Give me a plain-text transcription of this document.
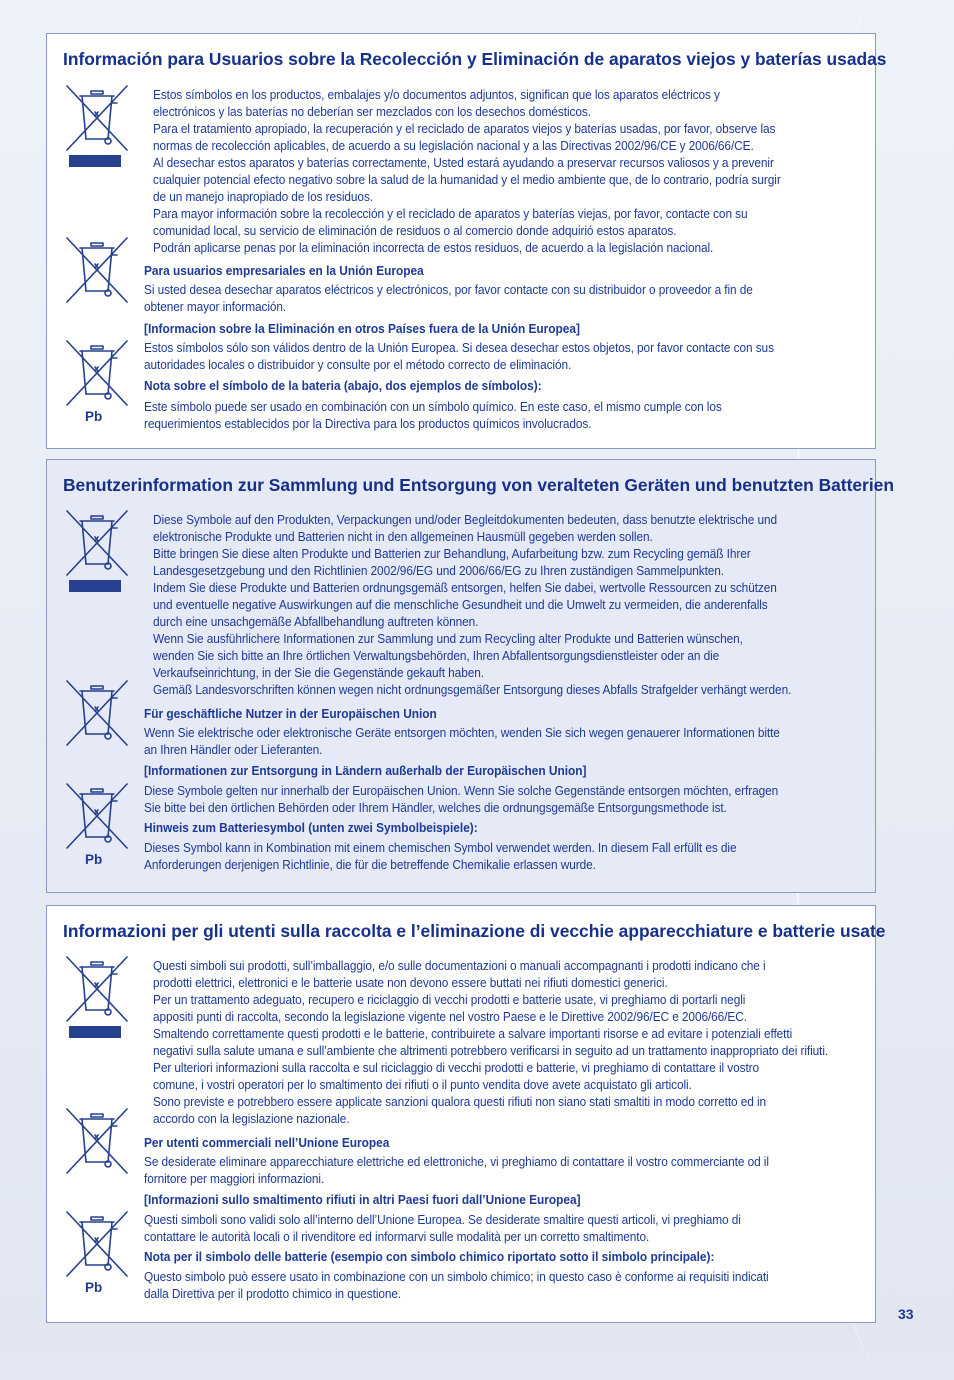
Información para Usuarios sobre la Recolección y Eliminación de aparatos viejos y baterías usadas
Estos símbolos en los productos, embalajes y/o documentos adjuntos, significan que los aparatos eléctricos y
electrónicos y las baterías no deberían ser mezclados con los desechos domésticos.
Para el tratamiento apropiado, la recuperación y el reciclado de aparatos viejos y baterías usadas, por favor, observe las
normas de recolección aplicables, de acuerdo a su legislación nacional y a las Directivas 2002/96/CE y 2006/66/CE.
Al desechar estos aparatos y baterías correctamente, Usted estará ayudando a preservar recursos valiosos y a prevenir
cualquier potencial efecto negativo sobre la salud de la humanidad y el medio ambiente que, de lo contrario, podría surgir
de un manejo inapropiado de los residuos.
Para mayor información sobre la recolección y el reciclado de aparatos y baterías viejas, por favor, contacte con su
comunidad local, su servicio de eliminación de residuos o al comercio donde adquirió estos aparatos.
Podrán aplicarse penas por la eliminación incorrecta de estos residuos, de acuerdo a la legislación nacional.
Para usuarios empresariales en la Unión Europea
Si usted desea desechar aparatos eléctricos y electrónicos, por favor contacte con su distribuidor o proveedor a fin de
obtener mayor información.
[Informacion sobre la Eliminación en otros Países fuera de la Unión Europea]
Estos símbolos sólo son válidos dentro de la Unión Europea. Si desea desechar estos objetos, por favor contacte con sus
autoridades locales o distribuidor y consulte por el método correcto de eliminación.
Nota sobre el símbolo de la bateria (abajo, dos ejemplos de símbolos):
Este símbolo puede ser usado en combinación con un símbolo químico. En este caso, el mismo cumple con los
requerimientos establecidos por la Directiva para los productos químicos involucrados.
Pb
Benutzerinformation zur Sammlung und Entsorgung von veralteten Geräten und benutzten Batterien
Diese Symbole auf den Produkten, Verpackungen und/oder Begleitdokumenten bedeuten, dass benutzte elektrische und
elektronische Produkte und Batterien nicht in den allgemeinen Hausmüll gegeben werden sollen.
Bitte bringen Sie diese alten Produkte und Batterien zur Behandlung, Aufarbeitung bzw. zum Recycling gemäß Ihrer
Landesgesetzgebung und den Richtlinien 2002/96/EG und 2006/66/EG zu Ihren zuständigen Sammelpunkten.
Indem Sie diese Produkte und Batterien ordnungsgemäß entsorgen, helfen Sie dabei, wertvolle Ressourcen zu schützen
und eventuelle negative Auswirkungen auf die menschliche Gesundheit und die Umwelt zu vermeiden, die anderenfalls
durch eine unsachgemäße Abfallbehandlung auftreten können.
Wenn Sie ausführlichere Informationen zur Sammlung und zum Recycling alter Produkte und Batterien wünschen,
wenden Sie sich bitte an Ihre örtlichen Verwaltungsbehörden, Ihren Abfallentsorgungsdienstleister oder an die
Verkaufseinrichtung, in der Sie die Gegenstände gekauft haben.
Gemäß Landesvorschriften können wegen nicht ordnungsgemäßer Entsorgung dieses Abfalls Strafgelder verhängt werden.
Für geschäftliche Nutzer in der Europäischen Union
Wenn Sie elektrische oder elektronische Geräte entsorgen möchten, wenden Sie sich wegen genauerer Informationen bitte
an Ihren Händler oder Lieferanten.
[Informationen zur Entsorgung in Ländern außerhalb der Europäischen Union]
Diese Symbole gelten nur innerhalb der Europäischen Union. Wenn Sie solche Gegenstände entsorgen möchten, erfragen
Sie bitte bei den örtlichen Behörden oder Ihrem Händler, welches die ordnungsgemäße Entsorgungsmethode ist.
Hinweis zum Batteriesymbol (unten zwei Symbolbeispiele):
Dieses Symbol kann in Kombination mit einem chemischen Symbol verwendet werden. In diesem Fall erfüllt es die
Anforderungen derjenigen Richtlinie, die für die betreffende Chemikalie erlassen wurde.
Pb
Informazioni per gli utenti sulla raccolta e l’eliminazione di vecchie apparecchiature e batterie usate
Questi simboli sui prodotti, sull’imballaggio, e/o sulle documentazioni o manuali accompagnanti i prodotti indicano che i
prodotti elettrici, elettronici e le batterie usate non devono essere buttati nei rifiuti domestici generici.
Per un trattamento adeguato, recupero e riciclaggio di vecchi prodotti e batterie usate, vi preghiamo di portarli negli
appositi punti di raccolta, secondo la legislazione vigente nel vostro Paese e le Direttive 2002/96/EC e 2006/66/EC.
Smaltendo correttamente questi prodotti e le batterie, contribuirete a salvare importanti risorse e ad evitare i potenziali effetti
negativi sulla salute umana e sull’ambiente che altrimenti potrebbero verificarsi in seguito ad un trattamento inappropriato dei rifiuti.
Per ulteriori informazioni sulla raccolta e sul riciclaggio di vecchi prodotti e batterie, vi preghiamo di contattare il vostro
comune, i vostri operatori per lo smaltimento dei rifiuti o il punto vendita dove avete acquistato gli articoli.
Sono previste e potrebbero essere applicate sanzioni qualora questi rifiuti non siano stati smaltiti in modo corretto ed in
accordo con la legislazione nazionale.
Per utenti commerciali nell’Unione Europea
Se desiderate eliminare apparecchiature elettriche ed elettroniche, vi preghiamo di contattare il vostro commerciante od il
fornitore per maggiori informazioni.
[Informazioni sullo smaltimento rifiuti in altri Paesi fuori dall’Unione Europea]
Questi simboli sono validi solo all’interno dell’Unione Europea. Se desiderate smaltire questi articoli, vi preghiamo di
contattare le autorità locali o il rivenditore ed informarvi sulle modalità per un corretto smaltimento.
Nota per il simbolo delle batterie (esempio con simbolo chimico riportato sotto il simbolo principale):
Questo simbolo può essere usato in combinazione con un simbolo chimico; in questo caso è conforme ai requisiti indicati
dalla Direttiva per il prodotto chimico in questione.
Pb
33
